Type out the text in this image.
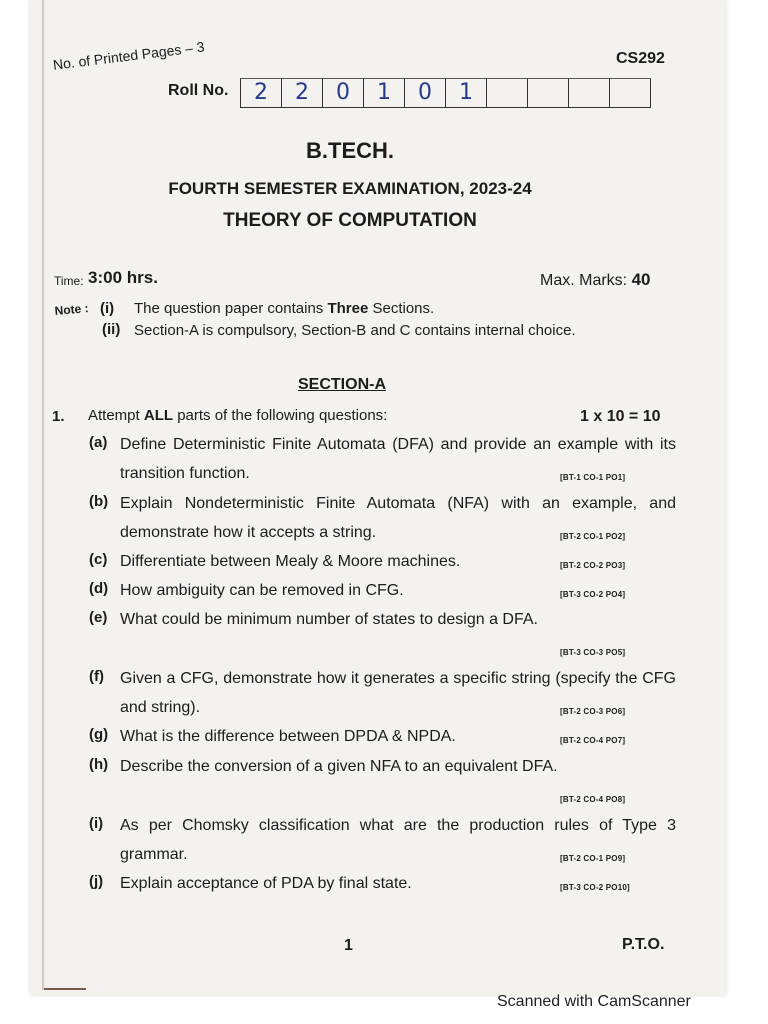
No. of Printed Pages – 3	CS292
Roll No.	2	2	0	1	0	1
B.TECH.
FOURTH SEMESTER EXAMINATION, 2023-24
THEORY OF COMPUTATION
Time: 3:00 hrs.	Max. Marks: 40
Note : (i) The question paper contains Three Sections.
(ii) Section-A is compulsory, Section-B and C contains internal choice.
SECTION-A
1. Attempt ALL parts of the following questions:	1 x 10 = 10
(a) Define Deterministic Finite Automata (DFA) and provide an example with its transition function.	[BT-1 CO-1 PO1]
(b) Explain Nondeterministic Finite Automata (NFA) with an example, and demonstrate how it accepts a string.	[BT-2 CO-1 PO2]
(c) Differentiate between Mealy & Moore machines.	[BT-2 CO-2 PO3]
(d) How ambiguity can be removed in CFG.	[BT-3 CO-2 PO4]
(e) What could be minimum number of states to design a DFA.
[BT-3 CO-3 PO5]
(f) Given a CFG, demonstrate how it generates a specific string (specify the CFG and string).	[BT-2 CO-3 PO6]
(g) What is the difference between DPDA & NPDA.	[BT-2 CO-4 PO7]
(h) Describe the conversion of a given NFA to an equivalent DFA.
[BT-2 CO-4 PO8]
(i) As per Chomsky classification what are the production rules of Type 3 grammar.	[BT-2 CO-1 PO9]
(j) Explain acceptance of PDA by final state.	[BT-3 CO-2 PO10]
1	P.T.O.
Scanned with CamScanner
